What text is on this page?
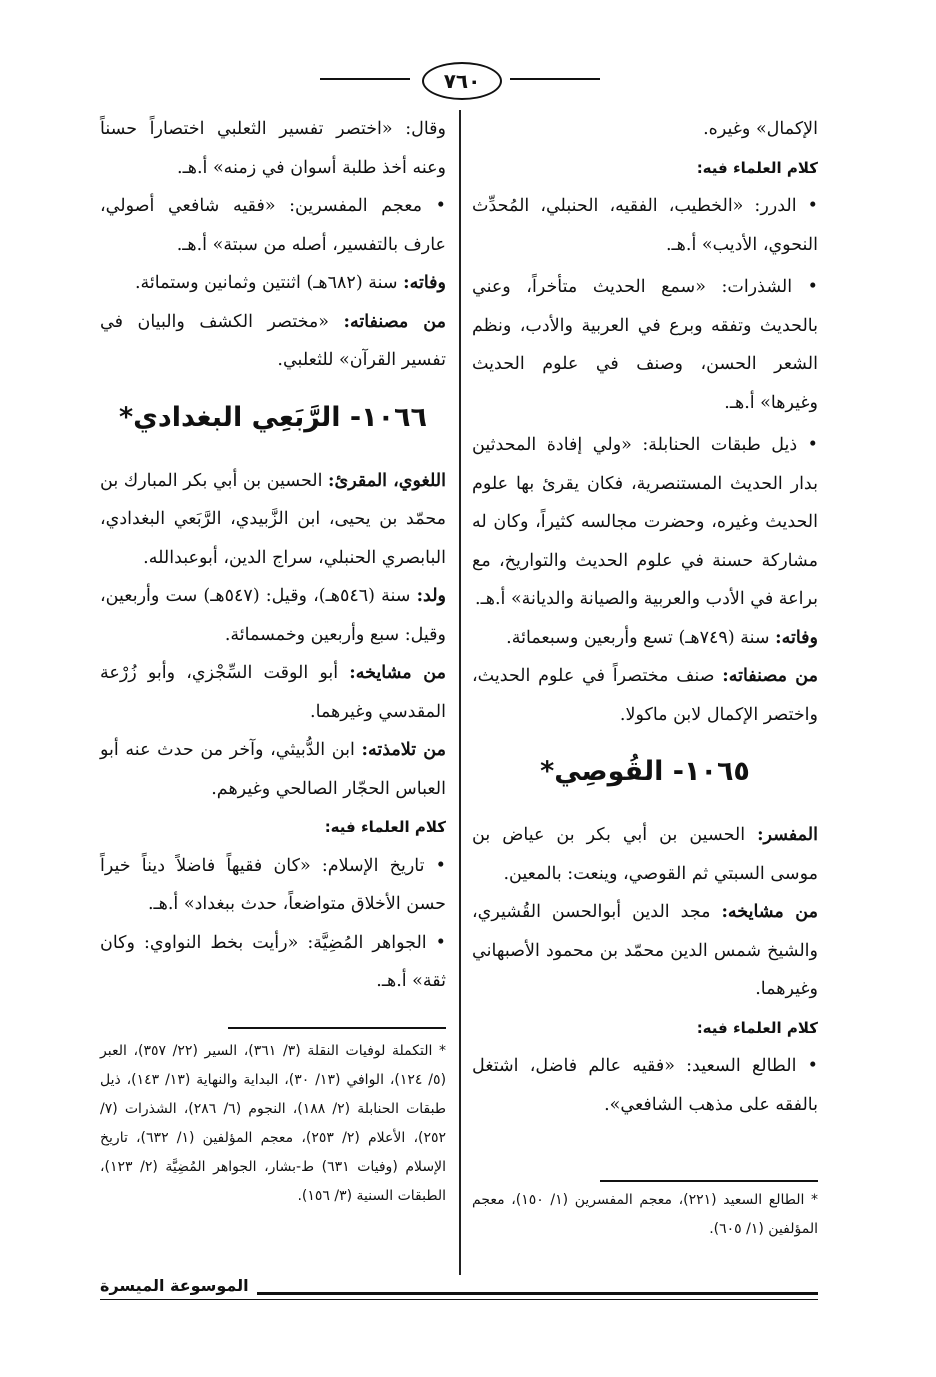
٧٦٠

الإكمال» وغيره.

كلام العلماء فيه:

• الدرر: «الخطيب، الفقيه، الحنبلي، المُحدِّث النحوي، الأديب» أ.هـ.

• الشذرات: «سمع الحديث متأخراً، وعني بالحديث وتفقه وبرع في العربية والأدب، ونظم الشعر الحسن، وصنف في علوم الحديث وغيرها» أ.هـ.

• ذيل طبقات الحنابلة: «ولي إفادة المحدثين بدار الحديث المستنصرية، فكان يقرئ بها علوم الحديث وغيره، وحضرت مجالسه كثيراً، وكان له مشاركة حسنة في علوم الحديث والتواريخ، مع براعة في الأدب والعربية والصيانة والديانة» أ.هـ.

وفاته: سنة (٧٤٩هـ) تسع وأربعين وسبعمائة.

من مصنفاته: صنف مختصراً في علوم الحديث، واختصر الإكمال لابن ماكولا.

١٠٦٥- القُوصِي*

المفسر: الحسين بن أبي بكر بن عياض بن موسى السبتي ثم القوصي، وينعت: بالمعين.

من مشايخه: مجد الدين أبوالحسن القُشيري، والشيخ شمس الدين محمّد بن محمود الأصبهاني وغيرهما.

كلام العلماء فيه:

• الطالع السعيد: «فقيه عالم فاضل، اشتغل بالفقه على مذهب الشافعي».

* الطالع السعيد (٢٢١)، معجم المفسرين (١/ ١٥٠)، معجم المؤلفين (١/ ٦٠٥).

وقال: «اختصر تفسير الثعلبي اختصاراً حسناً وعنه أخذ طلبة أسوان في زمنه» أ.هـ.

• معجم المفسرين: «فقيه شافعي أصولي، عارف بالتفسير، أصله من سبتة» أ.هـ.

وفاته: سنة (٦٨٢هـ) اثنتين وثمانين وستمائة.

من مصنفاته: «مختصر الكشف والبيان في تفسير القرآن» للثعلبي.

١٠٦٦- الرَّبَعِي البغدادي*

اللغوي، المقرئ: الحسين بن أبي بكر المبارك بن محمّد بن يحيى، ابن الزَّبيدي، الرَّبَعي البغدادي، البابصري الحنبلي، سراج الدين، أبوعبدالله.

ولد: سنة (٥٤٦هـ)، وقيل: (٥٤٧هـ) ست وأربعين، وقيل: سبع وأربعين وخمسمائة.

من مشايخه: أبو الوقت السِّجْزي، وأبو زُرْعة المقدسي وغيرهما.

من تلامذته: ابن الدُّبيثي، وآخر من حدث عنه أبو العباس الحجّار الصالحي وغيرهم.

كلام العلماء فيه:

• تاريخ الإسلام: «كان فقيهاً فاضلاً ديناً خيراً حسن الأخلاق متواضعاً، حدث ببغداد» أ.هـ.

• الجواهر المُضِيَّة: «رأيت بخط النواوي: وكان ثقة» أ.هـ.

* التكملة لوفيات النقلة (٣/ ٣٦١)، السير (٢٢/ ٣٥٧)، العبر (٥/ ١٢٤)، الوافي (١٣/ ٣٠)، البداية والنهاية (١٣/ ١٤٣)، ذيل طبقات الحنابلة (٢/ ١٨٨)، النجوم (٦/ ٢٨٦)، الشذرات (٧/ ٢٥٢)، الأعلام (٢/ ٢٥٣)، معجم المؤلفين (١/ ٦٣٢)، تاريخ الإسلام (وفيات ٦٣١) ط-بشار، الجواهر المُضِيَّة (٢/ ١٢٣)، الطبقات السنية (٣/ ١٥٦).
الموسوعة الميسرة
